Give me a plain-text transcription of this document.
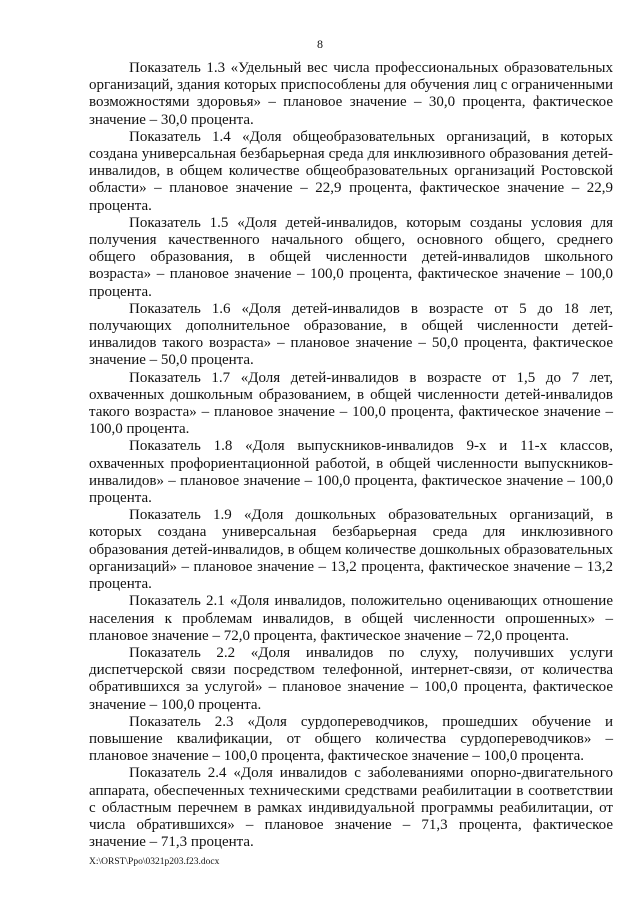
8

Показатель 1.3 «Удельный вес числа профессиональных образовательных организаций, здания которых приспособлены для обучения лиц с ограниченными возможностями здоровья» – плановое значение – 30,0 процента, фактическое значение – 30,0 процента.

Показатель 1.4 «Доля общеобразовательных организаций, в которых создана универсальная безбарьерная среда для инклюзивного образования детей-инвалидов, в общем количестве общеобразовательных организаций Ростовской области» – плановое значение – 22,9 процента, фактическое значение – 22,9 процента.

Показатель 1.5 «Доля детей-инвалидов, которым созданы условия для получения качественного начального общего, основного общего, среднего общего образования, в общей численности детей-инвалидов школьного возраста» – плановое значение – 100,0 процента, фактическое значение – 100,0 процента.

Показатель 1.6 «Доля детей-инвалидов в возрасте от 5 до 18 лет, получающих дополнительное образование, в общей численности детей-инвалидов такого возраста» – плановое значение – 50,0 процента, фактическое значение – 50,0 процента.

Показатель 1.7 «Доля детей-инвалидов в возрасте от 1,5 до 7 лет, охваченных дошкольным образованием, в общей численности детей-инвалидов такого возраста» – плановое значение – 100,0 процента, фактическое значение – 100,0 процента.

Показатель 1.8 «Доля выпускников-инвалидов 9-х и 11-х классов, охваченных профориентационной работой, в общей численности выпускников-инвалидов» – плановое значение – 100,0 процента, фактическое значение – 100,0 процента.

Показатель 1.9 «Доля дошкольных образовательных организаций, в которых создана универсальная безбарьерная среда для инклюзивного образования детей-инвалидов, в общем количестве дошкольных образовательных организаций» – плановое значение – 13,2 процента, фактическое значение – 13,2 процента.

Показатель 2.1 «Доля инвалидов, положительно оценивающих отношение населения к проблемам инвалидов, в общей численности опрошенных» – плановое значение – 72,0 процента, фактическое значение – 72,0 процента.

Показатель 2.2 «Доля инвалидов по слуху, получивших услуги диспетчерской связи посредством телефонной, интернет-связи, от количества обратившихся за услугой» – плановое значение – 100,0 процента, фактическое значение – 100,0 процента.

Показатель 2.3 «Доля сурдопереводчиков, прошедших обучение и повышение квалификации, от общего количества сурдопереводчиков» – плановое значение – 100,0 процента, фактическое значение – 100,0 процента.

Показатель 2.4 «Доля инвалидов с заболеваниями опорно-двигательного аппарата, обеспеченных техническими средствами реабилитации в соответствии с областным перечнем в рамках индивидуальной программы реабилитации, от числа обратившихся» – плановое значение – 71,3 процента, фактическое значение – 71,3 процента.

X:\ORST\Ppo\0321p203.f23.docx
